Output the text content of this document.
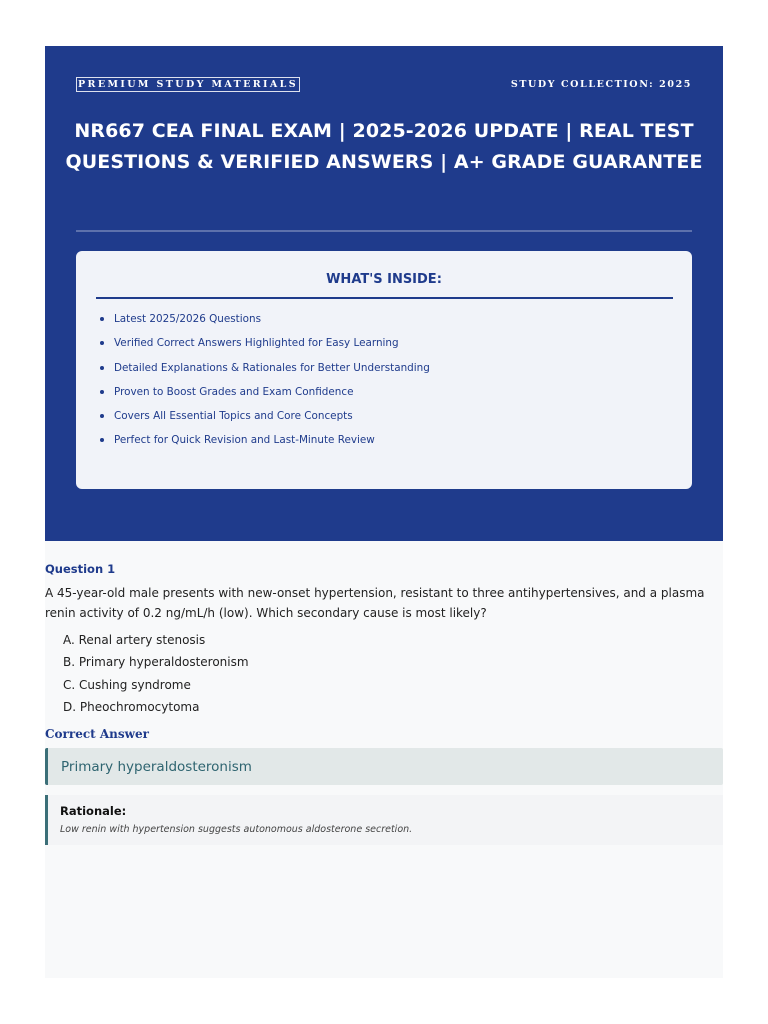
PREMIUM STUDY MATERIALS	STUDY COLLECTION: 2025
NR667 CEA FINAL EXAM | 2025-2026 UPDATE | REAL TEST QUESTIONS & VERIFIED ANSWERS | A+ GRADE GUARANTEE
WHAT'S INSIDE:
Latest 2025/2026 Questions
Verified Correct Answers Highlighted for Easy Learning
Detailed Explanations & Rationales for Better Understanding
Proven to Boost Grades and Exam Confidence
Covers All Essential Topics and Core Concepts
Perfect for Quick Revision and Last-Minute Review
Question 1

A 45-year-old male presents with new-onset hypertension, resistant to three antihypertensives, and a plasma renin activity of 0.2 ng/mL/h (low). Which secondary cause is most likely?

A. Renal artery stenosis
B. Primary hyperaldosteronism
C. Cushing syndrome
D. Pheochromocytoma
Correct Answer
Primary hyperaldosteronism
Rationale:
Low renin with hypertension suggests autonomous aldosterone secretion.
